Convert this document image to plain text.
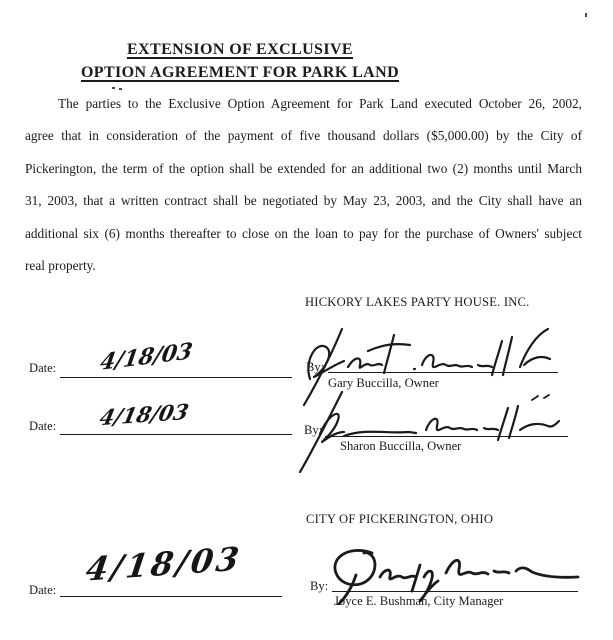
EXTENSION OF EXCLUSIVE
OPTION AGREEMENT FOR PARK LAND
The parties to the Exclusive Option Agreement for Park Land executed October 26, 2002,
agree that in consideration of the payment of five thousand dollars ($5,000.00) by the City of
Pickerington, the term of the option shall be extended for an additional two (2) months until March
31, 2003, that a written contract shall be negotiated by May 23, 2003, and the City shall have an
additional six (6) months thereafter to close on the loan to pay for the purchase of Owners' subject
real property.
HICKORY LAKES PARTY HOUSE. INC.
Date: 4/18/03	By:
Gary Buccilla, Owner
Date: 4/18/03	By:
Sharon Buccilla, Owner
CITY OF PICKERINGTON, OHIO
Date:
4/18/03	By:
Joyce E. Bushman, City Manager
